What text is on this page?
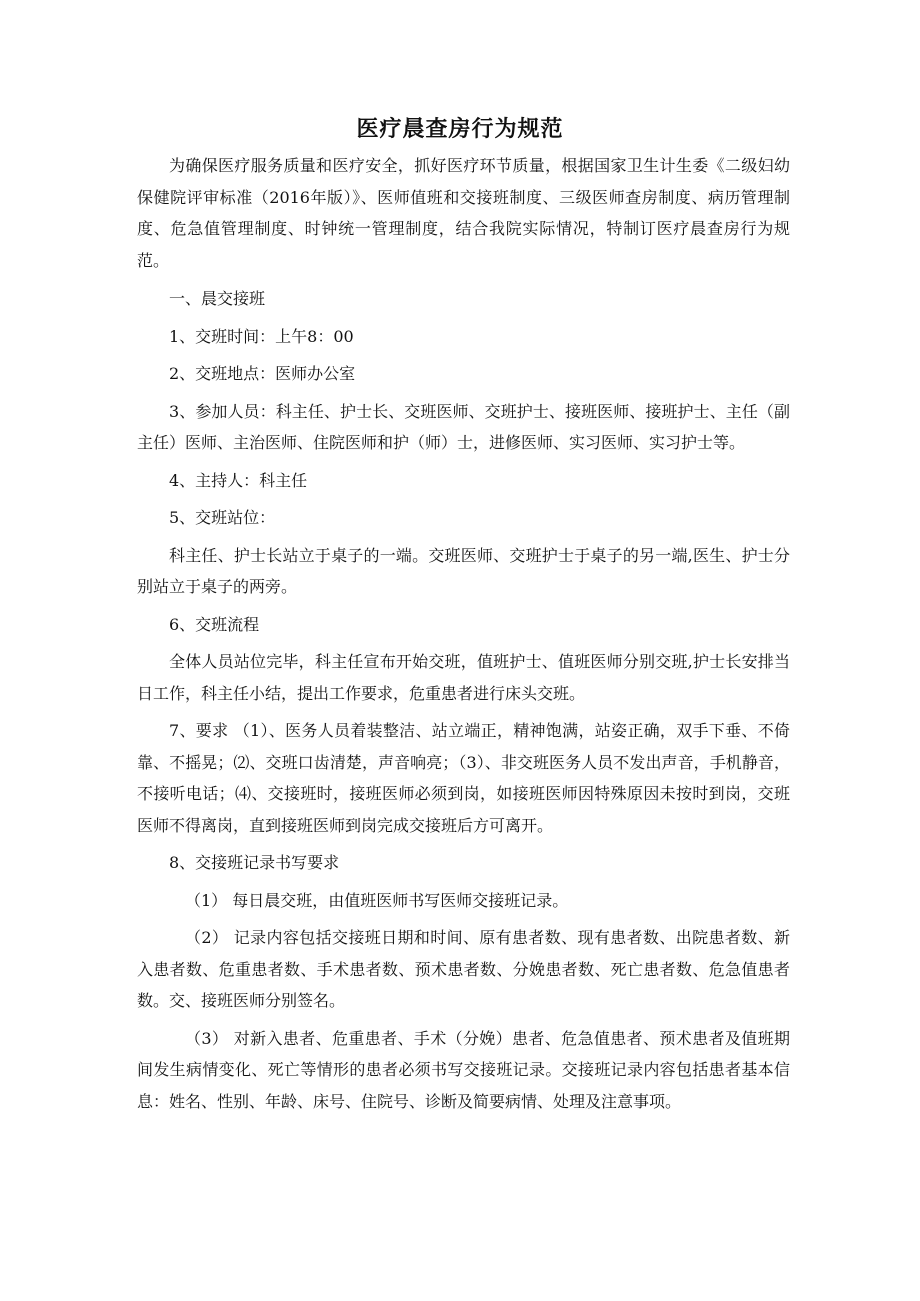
医疗晨查房行为规范

为确保医疗服务质量和医疗安全，抓好医疗环节质量，根据国家卫生计生委《二级妇幼保健院评审标准（2016年版）》、医师值班和交接班制度、三级医师查房制度、病历管理制度、危急值管理制度、时钟统一管理制度，结合我院实际情况，特制订医疗晨查房行为规范。

一、晨交接班

1、交班时间：上午8：00

2、交班地点：医师办公室

3、参加人员：科主任、护士长、交班医师、交班护士、接班医师、接班护士、主任（副主任）医师、主治医师、住院医师和护（师）士，进修医师、实习医师、实习护士等。

4、主持人：科主任

5、交班站位：

科主任、护士长站立于桌子的一端。交班医师、交班护士于桌子的另一端,医生、护士分别站立于桌子的两旁。

6、交班流程

全体人员站位完毕，科主任宣布开始交班，值班护士、值班医师分别交班,护士长安排当日工作，科主任小结，提出工作要求，危重患者进行床头交班。

7、要求 （1）、医务人员着装整洁、站立端正，精神饱满，站姿正确，双手下垂、不倚靠、不摇晃；⑵、交班口齿清楚，声音响亮；（3）、非交班医务人员不发出声音，手机静音，不接听电话；⑷、交接班时，接班医师必须到岗，如接班医师因特殊原因未按时到岗，交班医师不得离岗，直到接班医师到岗完成交接班后方可离开。

8、交接班记录书写要求

（1） 每日晨交班，由值班医师书写医师交接班记录。

（2） 记录内容包括交接班日期和时间、原有患者数、现有患者数、出院患者数、新入患者数、危重患者数、手术患者数、预术患者数、分娩患者数、死亡患者数、危急值患者数。交、接班医师分别签名。

（3） 对新入患者、危重患者、手术（分娩）患者、危急值患者、预术患者及值班期间发生病情变化、死亡等情形的患者必须书写交接班记录。交接班记录内容包括患者基本信息：姓名、性别、年龄、床号、住院号、诊断及简要病情、处理及注意事项。
